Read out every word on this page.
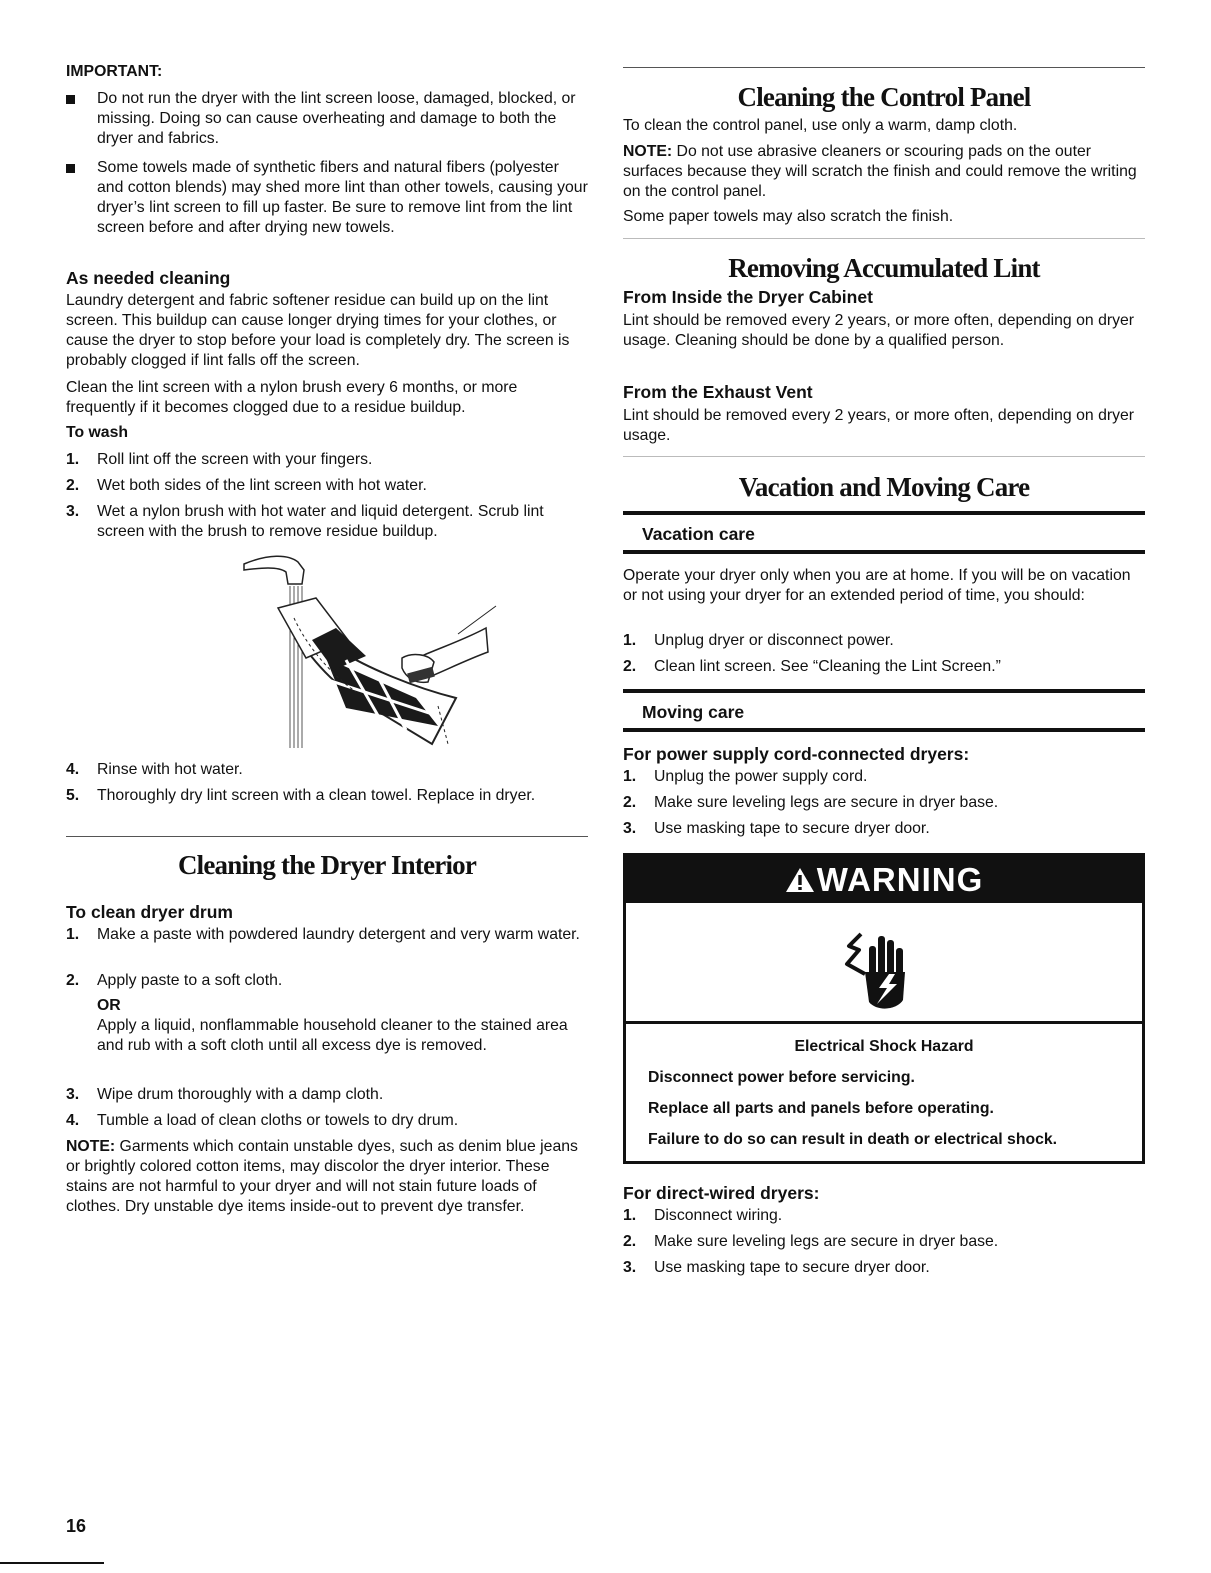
IMPORTANT:
Do not run the dryer with the lint screen loose, damaged, blocked, or missing. Doing so can cause overheating and damage to both the dryer and fabrics.
Some towels made of synthetic fibers and natural fibers (polyester and cotton blends) may shed more lint than other towels, causing your dryer’s lint screen to fill up faster. Be sure to remove lint from the lint screen before and after drying new towels.
As needed cleaning
Laundry detergent and fabric softener residue can build up on the lint screen. This buildup can cause longer drying times for your clothes, or cause the dryer to stop before your load is completely dry. The screen is probably clogged if lint falls off the screen.
Clean the lint screen with a nylon brush every 6 months, or more frequently if it becomes clogged due to a residue buildup.
To wash
1.	Roll lint off the screen with your fingers.
2.	Wet both sides of the lint screen with hot water.
3.	Wet a nylon brush with hot water and liquid detergent. Scrub lint screen with the brush to remove residue buildup.
4.	Rinse with hot water.
5.	Thoroughly dry lint screen with a clean towel. Replace in dryer.
Cleaning the Dryer Interior
To clean dryer drum
1.	Make a paste with powdered laundry detergent and very warm water.
2.	Apply paste to a soft cloth.
OR
Apply a liquid, nonflammable household cleaner to the stained area and rub with a soft cloth until all excess dye is removed.
3.	Wipe drum thoroughly with a damp cloth.
4.	Tumble a load of clean cloths or towels to dry drum.
NOTE: Garments which contain unstable dyes, such as denim blue jeans or brightly colored cotton items, may discolor the dryer interior. These stains are not harmful to your dryer and will not stain future loads of clothes. Dry unstable dye items inside-out to prevent dye transfer.
16
Cleaning the Control Panel
To clean the control panel, use only a warm, damp cloth.
NOTE: Do not use abrasive cleaners or scouring pads on the outer surfaces because they will scratch the finish and could remove the writing on the control panel.
Some paper towels may also scratch the finish.
Removing Accumulated Lint
From Inside the Dryer Cabinet
Lint should be removed every 2 years, or more often, depending on dryer usage. Cleaning should be done by a qualified person.
From the Exhaust Vent
Lint should be removed every 2 years, or more often, depending on dryer usage.
Vacation and Moving Care
Vacation care
Operate your dryer only when you are at home. If you will be on vacation or not using your dryer for an extended period of time, you should:
1.	Unplug dryer or disconnect power.
2.	Clean lint screen. See “Cleaning the Lint Screen.”
Moving care
For power supply cord-connected dryers:
1.	Unplug the power supply cord.
2.	Make sure leveling legs are secure in dryer base.
3.	Use masking tape to secure dryer door.
WARNING
Electrical Shock Hazard
Disconnect power before servicing.
Replace all parts and panels before operating.
Failure to do so can result in death or electrical shock.
For direct-wired dryers:
1.	Disconnect wiring.
2.	Make sure leveling legs are secure in dryer base.
3.	Use masking tape to secure dryer door.
